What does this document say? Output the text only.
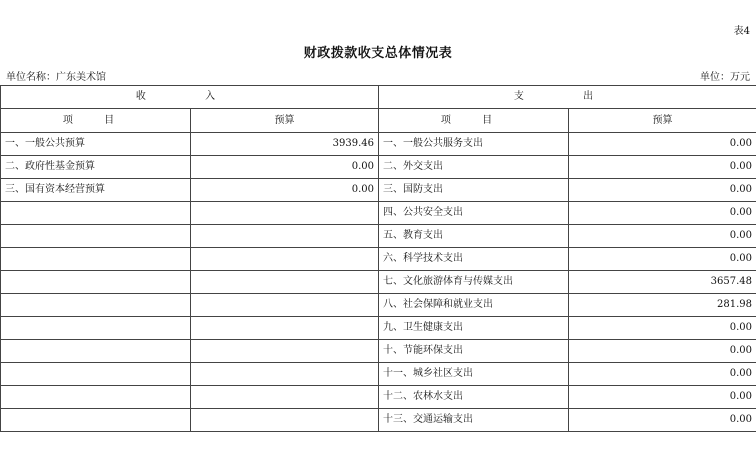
表4
财政拨款收支总体情况表
单位名称：广东美术馆	单位：万元
收 入		支 出	
项 目	预算	项 目	预算
一、一般公共预算	3939.46	一、一般公共服务支出	0.00
二、政府性基金预算	0.00	二、外交支出	0.00
三、国有资本经营预算	0.00	三、国防支出	0.00
		四、公共安全支出	0.00
		五、教育支出	0.00
		六、科学技术支出	0.00
		七、文化旅游体育与传媒支出	3657.48
		八、社会保障和就业支出	281.98
		九、卫生健康支出	0.00
		十、节能环保支出	0.00
		十一、城乡社区支出	0.00
		十二、农林水支出	0.00
		十三、交通运输支出	0.00
